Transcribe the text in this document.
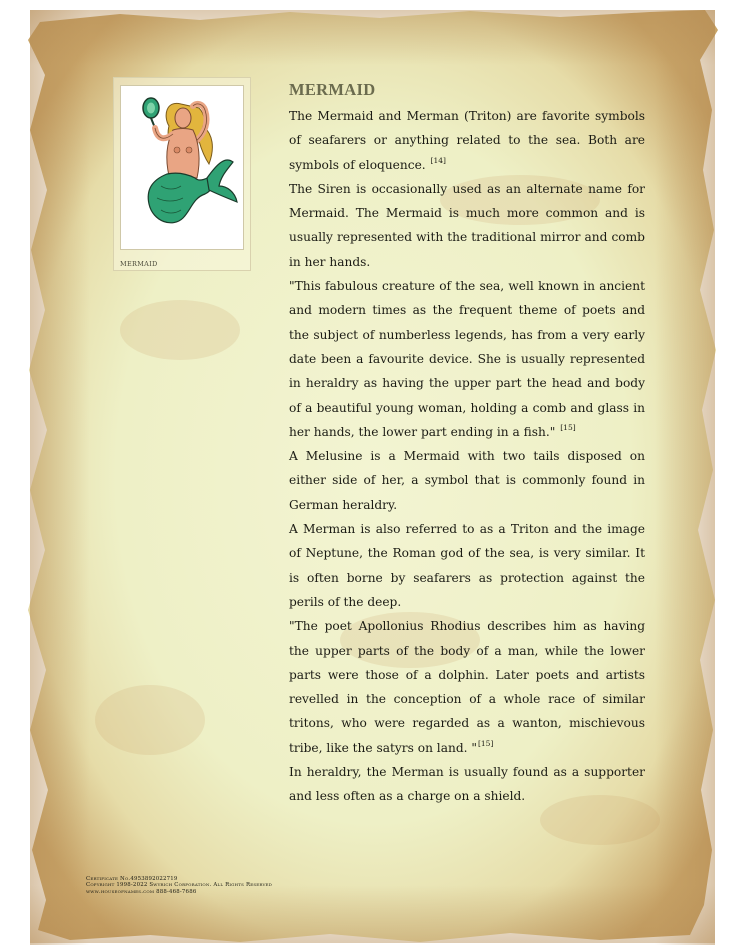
MERMAID
MERMAID

The Mermaid and Merman (Triton) are favorite symbols of seafarers or anything related to the sea. Both are symbols of eloquence. [14]

The Siren is occasionally used as an alternate name for Mermaid. The Mermaid is much more common and is usually represented with the traditional mirror and comb in her hands.

"This fabulous creature of the sea, well known in ancient and modern times as the frequent theme of poets and the subject of numberless legends, has from a very early date been a favourite device. She is usually represented in heraldry as having the upper part the head and body of a beautiful young woman, holding a comb and glass in her hands, the lower part ending in a fish." [15]

A Melusine is a Mermaid with two tails disposed on either side of her, a symbol that is commonly found in German heraldry.

A Merman is also referred to as a Triton and the image of Neptune, the Roman god of the sea, is very similar. It is often borne by seafarers as protection against the perils of the deep.

"The poet Apollonius Rhodius describes him as having the upper parts of the body of a man, while the lower parts were those of a dolphin. Later poets and artists revelled in the conception of a whole race of similar tritons, who were regarded as a wanton, mischievous tribe, like the satyrs on land. "[15]

In heraldry, the Merman is usually found as a supporter and less often as a charge on a shield.

Certificate No.4953892022719
Copyright 1998-2022 Swyrich Corporation. All Rights Reserved
www.houseofnames.com 888-468-7686
